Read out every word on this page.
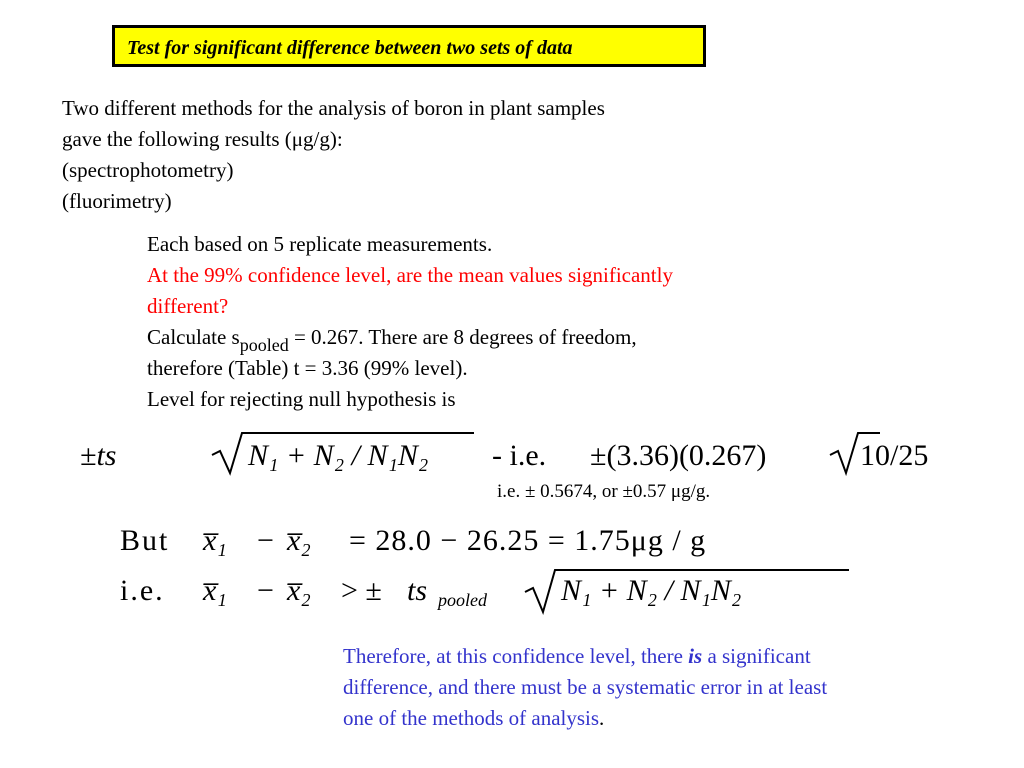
Test for significant difference between two sets of data
Two different methods for the analysis of boron in plant samples
gave the following results (μg/g):
(spectrophotometry)
(fluorimetry)
Each based on 5 replicate measurements.
At the 99% confidence level, are the mean values significantly
different?
Calculate spooled = 0.267. There are 8 degrees of freedom,
therefore (Table) t = 3.36 (99% level).
Level for rejecting null hypothesis is
±ts	N₁ + N₂ / N₁N₂ - i.e. ±(3.36)(0.267)	10/25
i.e. ± 0.5674, or ±0.57 μg/g.
But x̅₁ − x̅₂ = 28.0 − 26.25 = 1.75μg / g
i.e. x̅₁ − x̅₂ > ± ts pooled N₁ + N₂ / N₁N₂
Therefore, at this confidence level, there is a significant
difference, and there must be a systematic error in at least
one of the methods of analysis.
